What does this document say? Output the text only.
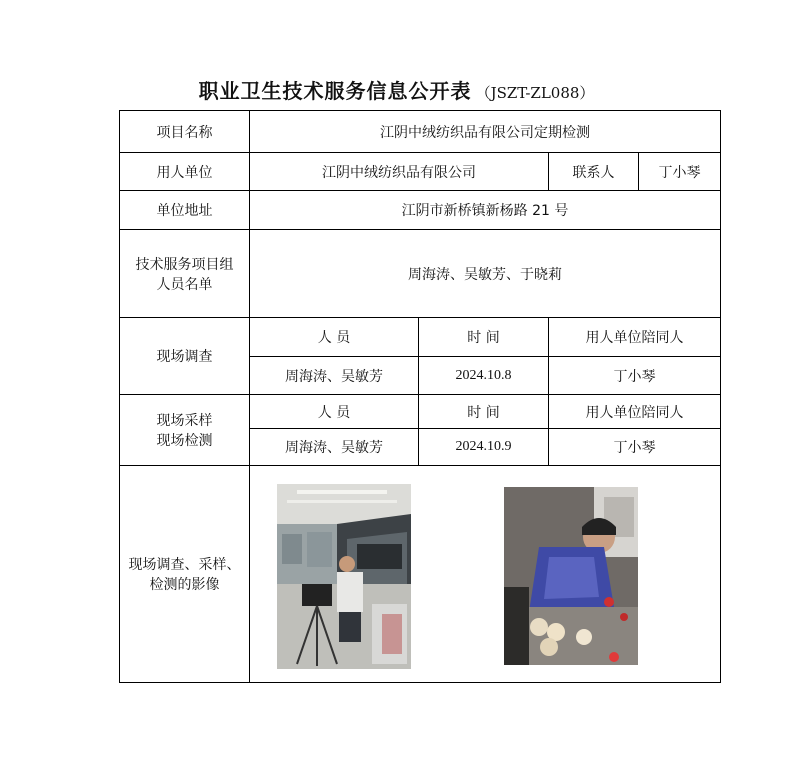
职业卫生技术服务信息公开表 （JSZT-ZL088）
项目名称	江阴中绒纺织品有限公司定期检测			
用人单位	江阴中绒纺织品有限公司		联系人	丁小琴
单位地址	江阴市新桥镇新杨路 21 号			

技术服务项目组
人员名单	周海涛、吴敏芳、于晓莉			
现场调查	人 员	时 间	用人单位陪同人	
	周海涛、吴敏芳	2024.10.8	丁小琴	

现场采样
现场检测	人 员	时 间	用人单位陪同人	
	周海涛、吴敏芳	2024.10.9	丁小琴	

现场调查、采样、
检测的影像
